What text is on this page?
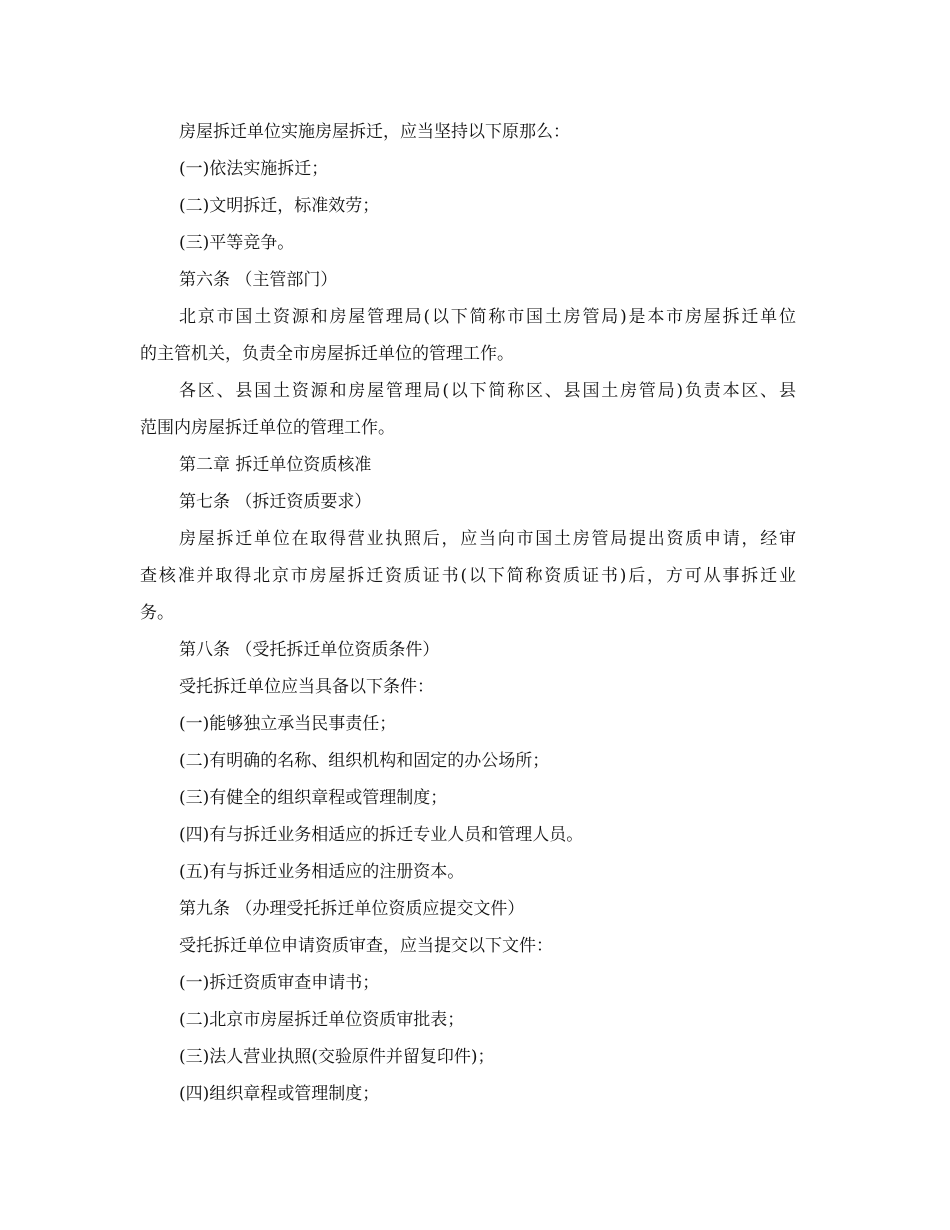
房屋拆迁单位实施房屋拆迁，应当坚持以下原那么：

(一)依法实施拆迁；

(二)文明拆迁，标准效劳；

(三)平等竞争。

第六条 （主管部门）

北京市国土资源和房屋管理局(以下简称市国土房管局)是本市房屋拆迁单位

的主管机关，负责全市房屋拆迁单位的管理工作。

各区、县国土资源和房屋管理局(以下简称区、县国土房管局)负责本区、县

范围内房屋拆迁单位的管理工作。

第二章 拆迁单位资质核准

第七条 （拆迁资质要求）

房屋拆迁单位在取得营业执照后，应当向市国土房管局提出资质申请，经审

查核准并取得北京市房屋拆迁资质证书(以下简称资质证书)后，方可从事拆迁业

务。

第八条 （受托拆迁单位资质条件）

受托拆迁单位应当具备以下条件：

(一)能够独立承当民事责任；

(二)有明确的名称、组织机构和固定的办公场所；

(三)有健全的组织章程或管理制度；

(四)有与拆迁业务相适应的拆迁专业人员和管理人员。

(五)有与拆迁业务相适应的注册资本。

第九条 （办理受托拆迁单位资质应提交文件）

受托拆迁单位申请资质审查，应当提交以下文件：

(一)拆迁资质审查申请书；

(二)北京市房屋拆迁单位资质审批表；

(三)法人营业执照(交验原件并留复印件)；

(四)组织章程或管理制度；
